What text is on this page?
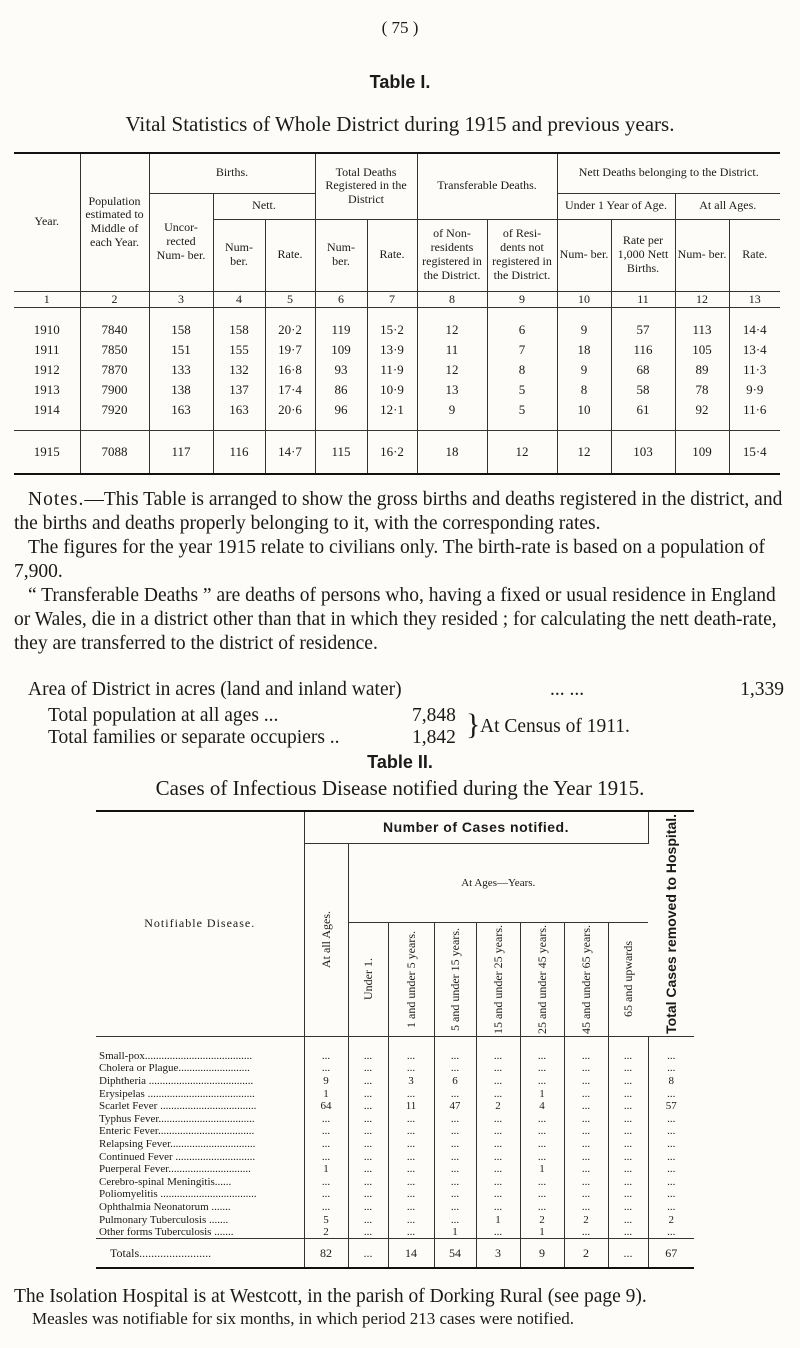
( 75 )
Table I.
Vital Statistics of Whole District during 1915 and previous years.
Year.	Population estimated to Middle of each Year.	Births.			Total Deaths Registered in the District		Transferable Deaths.		Nett Deaths belonging to the District.			
		Uncor- rected Num- ber.	Nett.						Under 1 Year of Age.		At all Ages.	
			Num- ber.	Rate.	Num- ber.	Rate.	of Non- residents registered in the District.	of Resi- dents not registered in the District.	Num- ber.	Rate per 1,000 Nett Births.	Num- ber.	Rate.
1	2	3	4	5	6	7	8	9	10	11	12	13
1910	7840	158	158	20·2	119	15·2	12	6	9	57	113	14·4
1911	7850	151	155	19·7	109	13·9	11	7	18	116	105	13·4
1912	7870	133	132	16·8	93	11·9	12	8	9	68	89	11·3
1913	7900	138	137	17·4	86	10·9	13	5	8	58	78	9·9
1914	7920	163	163	20·6	96	12·1	9	5	10	61	92	11·6
1915	7088	117	116	14·7	115	16·2	18	12	12	103	109	15·4

Notes.—This Table is arranged to show the gross births and deaths registered in the district, and the births and deaths properly belonging to it, with the corresponding rates.

The figures for the year 1915 relate to civilians only. The birth-rate is based on a population of 7,900.

“ Transferable Deaths ” are deaths of persons who, having a fixed or usual residence in England or Wales, die in a district other than that in which they resided ; for calculating the nett death-rate, they are transferred to the district of residence.

Area of District in acres (land and inland water)	... ...	1,339
Total population at all ages ...	7,848
Total families or separate occupiers ..	1,842 } At Census of 1911.
Table II.
Cases of Infectious Disease notified during the Year 1915.
Notifiable Disease.	Number of Cases notified.								Total Cases removed to Hospital.

	At all Ages.	At Ages—Years.							

		Under 1.	1 and under 5 years.	5 and under 15 years.	15 and under 25 years.	25 and under 45 years.	45 and under 65 years.	65 and upwards	

Small-pox.......................................	...	...	...	...	...	...	...	...	...
Cholera or Plague..........................	...	...	...	...	...	...	...	...	...
Diphtheria ......................................	9	...	3	6	...	...	...	...	8
Erysipelas .......................................	1	...	...	...	...	1	...	...	...
Scarlet Fever ...................................	64	...	11	47	2	4	...	...	57
Typhus Fever...................................	...	...	...	...	...	...	...	...	...
Enteric Fever...................................	...	...	...	...	...	...	...	...	...
Relapsing Fever...............................	...	...	...	...	...	...	...	...	...
Continued Fever .............................	...	...	...	...	...	...	...	...	...
Puerperal Fever..............................	1	...	...	...	...	1	...	...	...
Cerebro-spinal Meningitis......	...	...	...	...	...	...	...	...	...
Poliomyelitis ...................................	...	...	...	...	...	...	...	...	...
Ophthalmia Neonatorum .......	...	...	...	...	...	...	...	...	...
Pulmonary Tuberculosis .......	5	...	...	...	1	2	2	...	2
Other forms Tuberculosis .......	2	...	...	1	...	1	...	...	...
Totals........................	82	...	14	54	3	9	2	...	67
The Isolation Hospital is at Westcott, in the parish of Dorking Rural (see page 9).
Measles was notifiable for six months, in which period 213 cases were notified.
